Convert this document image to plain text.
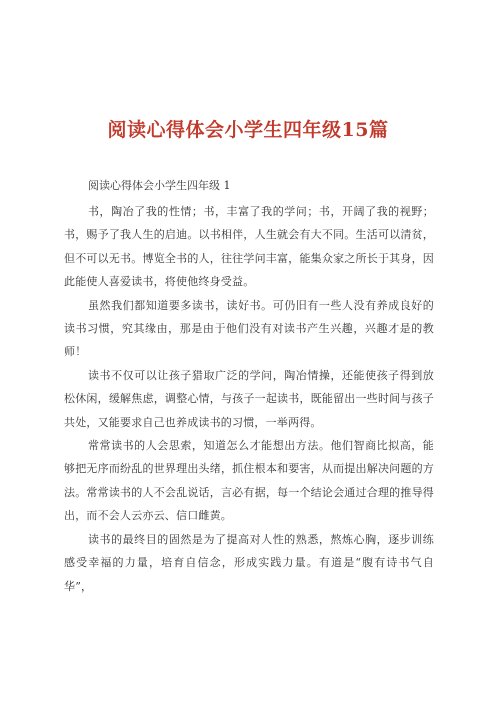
阅读心得体会小学生四年级15篇

阅读心得体会小学生四年级 1

书，陶冶了我的性情；书，丰富了我的学问；书，开阔了我的视野；书，赐予了我人生的启迪。以书相伴，人生就会有大不同。生活可以清贫，但不可以无书。博览全书的人，往往学问丰富，能集众家之所长于其身，因此能使人喜爱读书，将使他终身受益。

虽然我们都知道要多读书，读好书。可仍旧有一些人没有养成良好的读书习惯，究其缘由，那是由于他们没有对读书产生兴趣，兴趣才是的教师！

读书不仅可以让孩子猎取广泛的学问，陶冶情操，还能使孩子得到放松休闲，缓解焦虑，调整心情，与孩子一起读书，既能留出一些时间与孩子共处，又能要求自己也养成读书的习惯，一举两得。

常常读书的人会思索，知道怎么才能想出方法。他们智商比拟高，能够把无序而纷乱的世界理出头绪，抓住根本和要害，从而提出解决问题的方法。常常读书的人不会乱说话，言必有据，每一个结论会通过合理的推导得出，而不会人云亦云、信口雌黄。

读书的最终目的固然是为了提高对人性的熟悉，熬炼心胸，逐步训练感受幸福的力量，培育自信念，形成实践力量。有道是“腹有诗书气自华”，
